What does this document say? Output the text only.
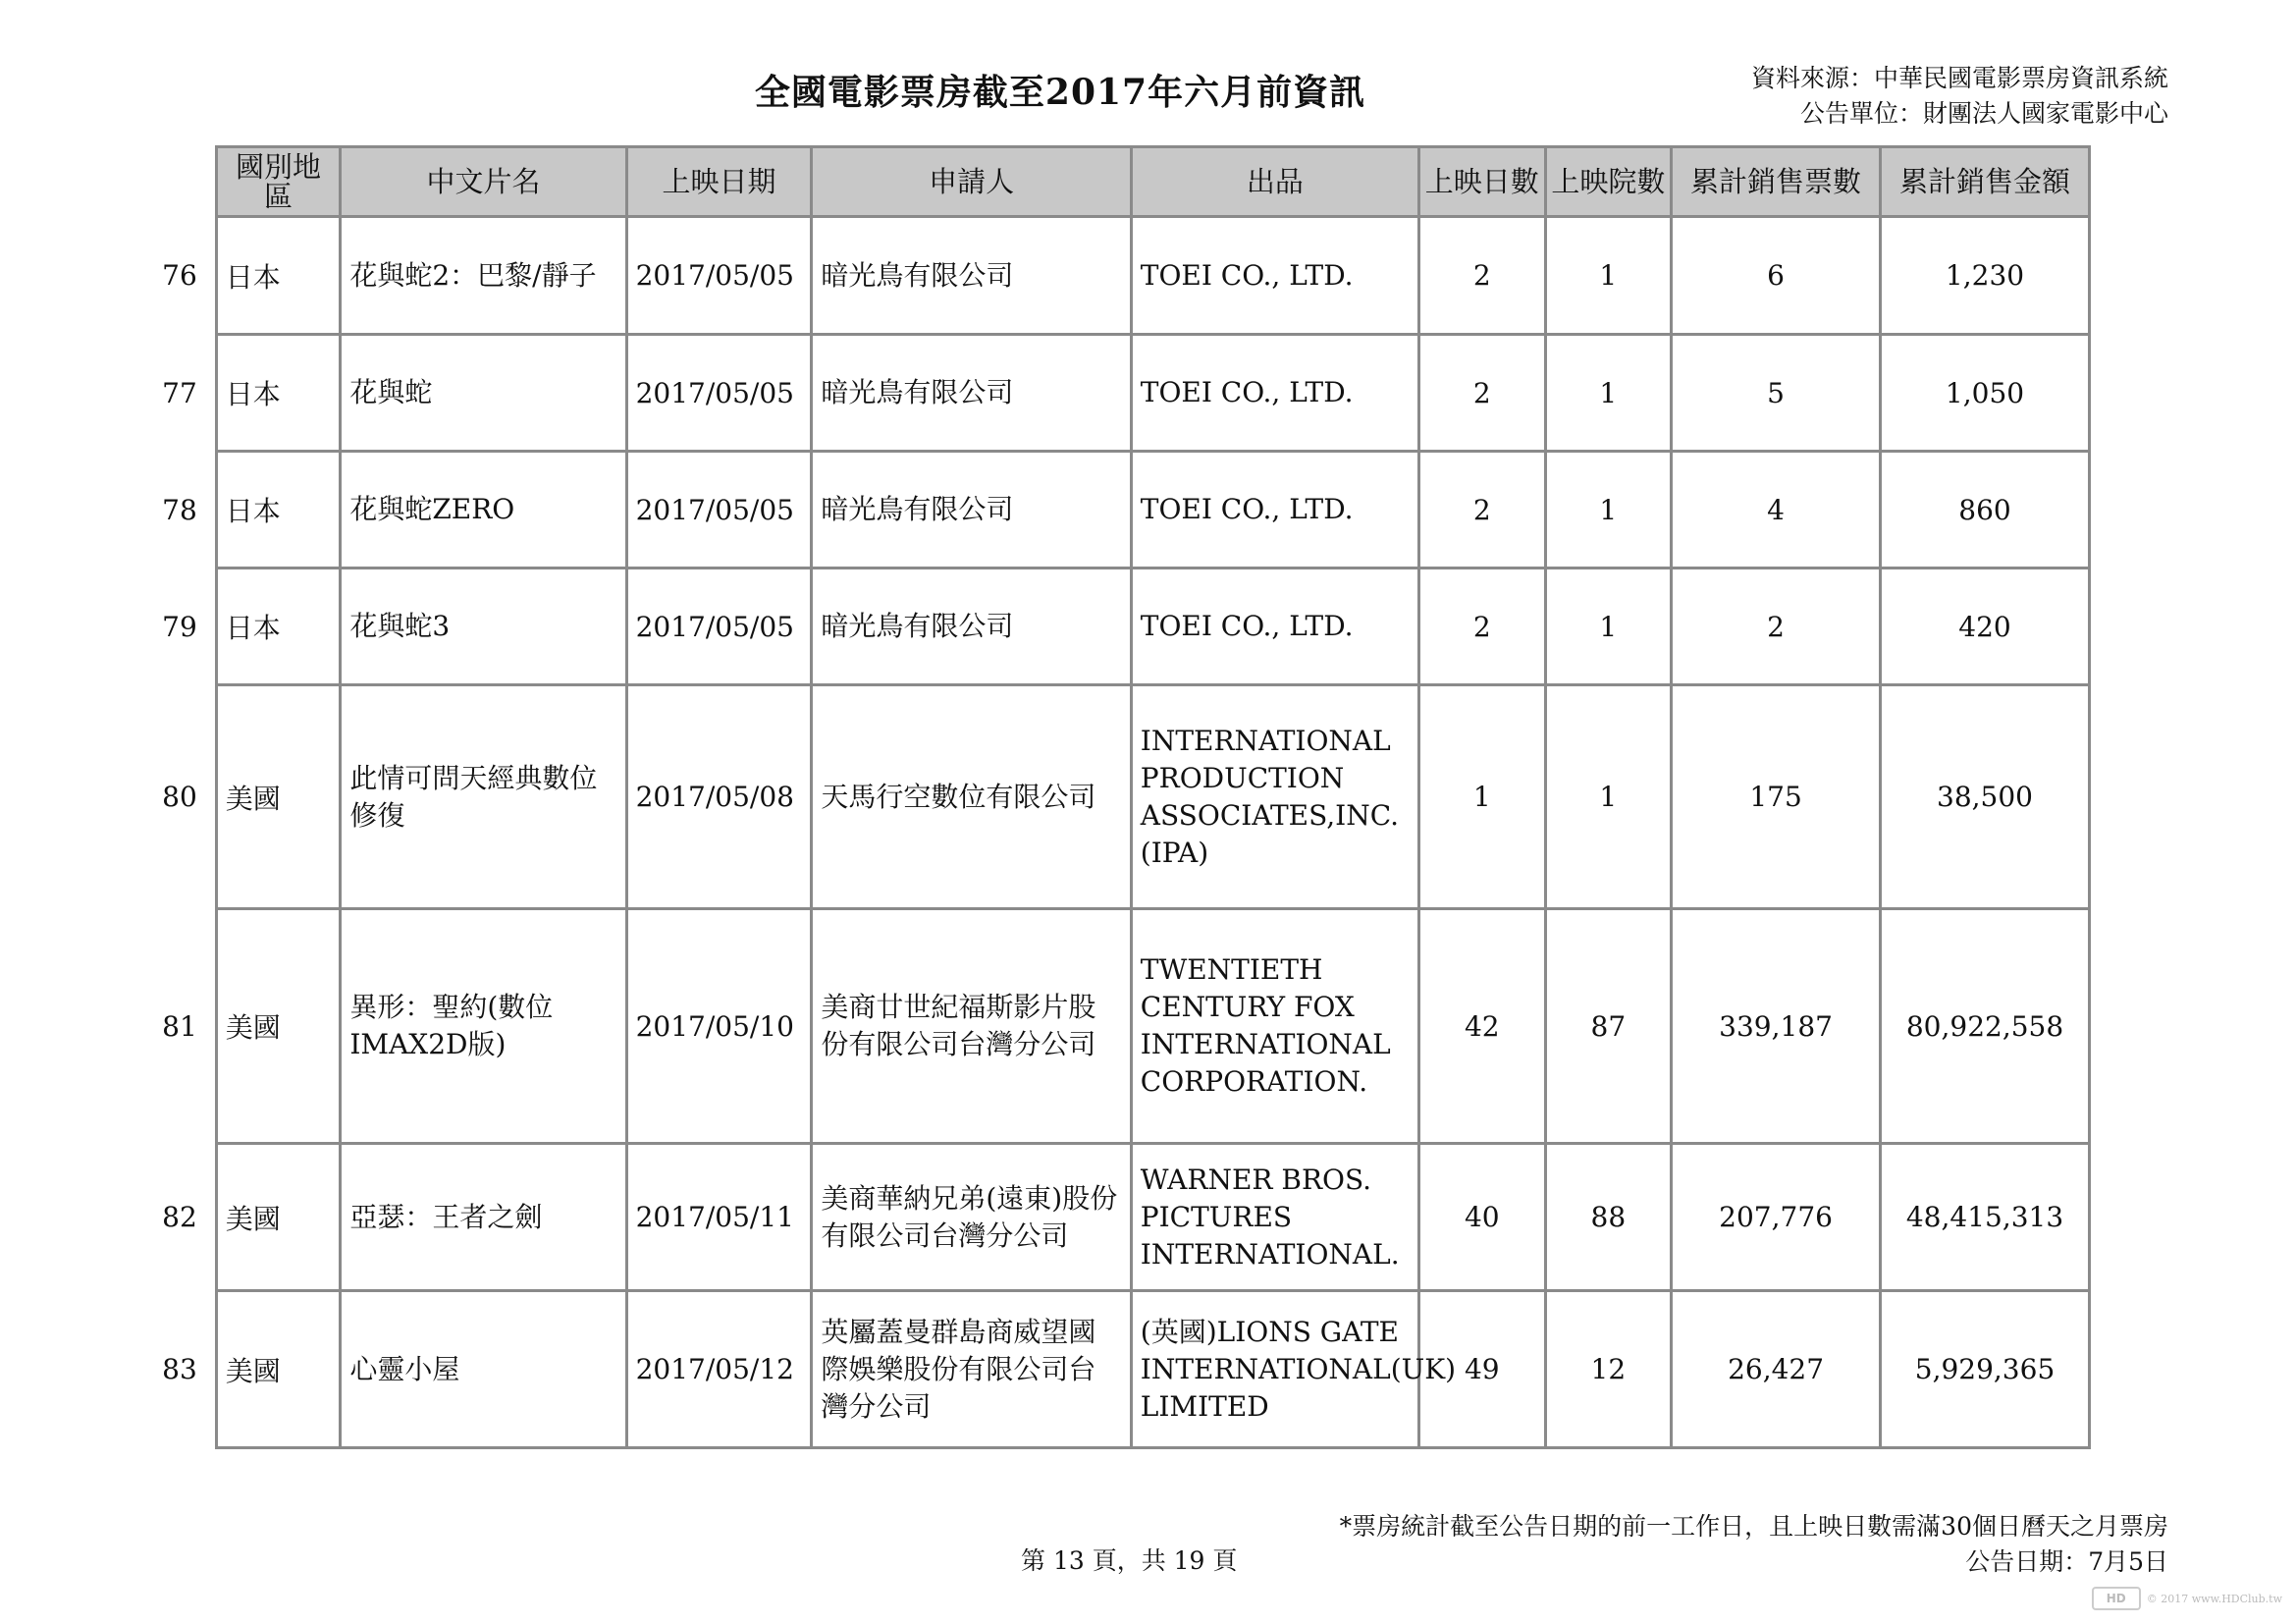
全國電影票房截至2017年六月前資訊	資料來源：中華民國電影票房資訊系統
公告單位：財團法人國家電影中心
	國別地區	中文片名	上映日期	申請人	出品	上映日數	上映院數	累計銷售票數	累計銷售金額
76	日本	花與蛇2：巴黎/靜子	2017/05/05	暗光鳥有限公司	TOEI CO., LTD.	2	1	6	1,230
77	日本	花與蛇	2017/05/05	暗光鳥有限公司	TOEI CO., LTD.	2	1	5	1,050
78	日本	花與蛇ZERO	2017/05/05	暗光鳥有限公司	TOEI CO., LTD.	2	1	4	860
79	日本	花與蛇3	2017/05/05	暗光鳥有限公司	TOEI CO., LTD.	2	1	2	420
80	美國	此情可問天經典數位修復	2017/05/08	天馬行空數位有限公司	INTERNATIONAL PRODUCTION ASSOCIATES,INC.(IPA)	1	1	175	38,500
81	美國	異形：聖約(數位IMAX2D版)	2017/05/10	美商廿世紀福斯影片股份有限公司台灣分公司	TWENTIETH CENTURY FOX INTERNATIONAL CORPORATION.	42	87	339,187	80,922,558
82	美國	亞瑟：王者之劍	2017/05/11	美商華納兄弟(遠東)股份有限公司台灣分公司	WARNER BROS. PICTURES INTERNATIONAL.	40	88	207,776	48,415,313
83	美國	心靈小屋	2017/05/12	英屬蓋曼群島商威望國際娛樂股份有限公司台灣分公司	(英國)LIONS GATE INTERNATIONAL(UK) LIMITED	49	12	26,427	5,929,365
*票房統計截至公告日期的前一工作日，且上映日數需滿30個日曆天之月票房
公告日期：7月5日
第 13 頁，共 19 頁
HD	© 2017 www.HDClub.tw
